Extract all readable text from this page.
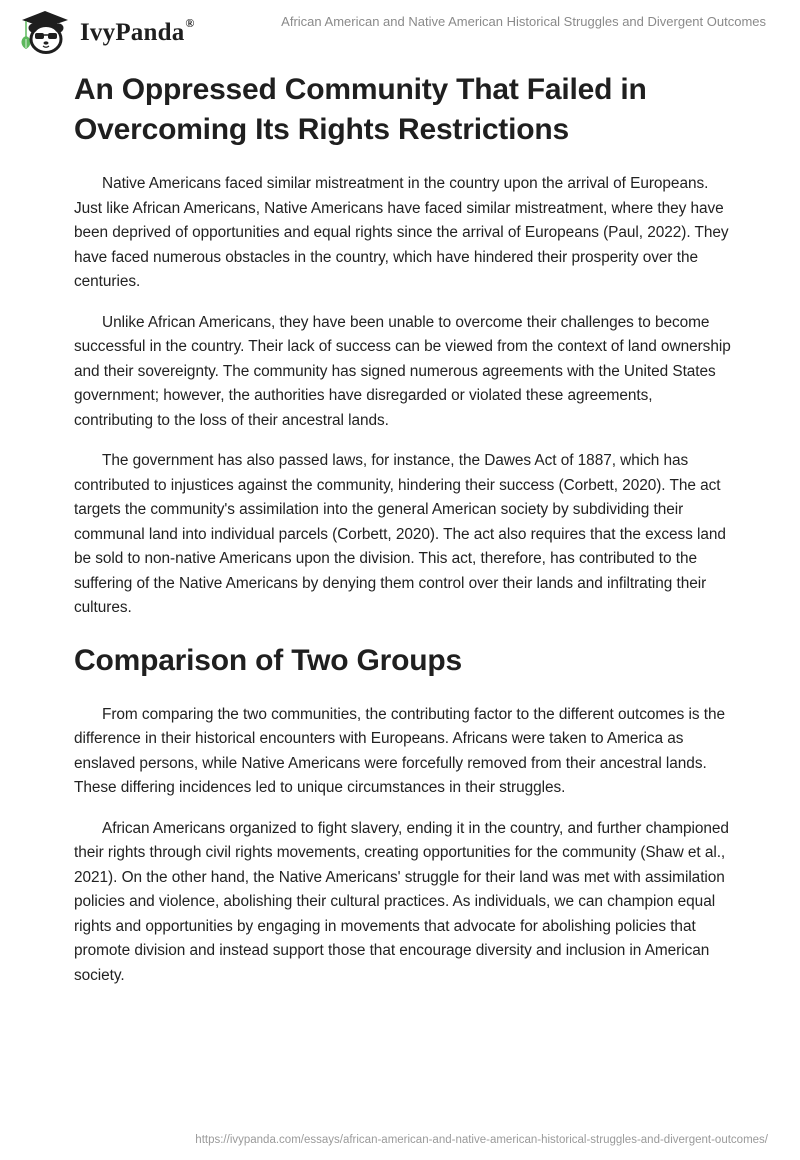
IvyPanda®	African American and Native American Historical Struggles and Divergent Outcomes
An Oppressed Community That Failed in Overcoming Its Rights Restrictions

Native Americans faced similar mistreatment in the country upon the arrival of Europeans. Just like African Americans, Native Americans have faced similar mistreatment, where they have been deprived of opportunities and equal rights since the arrival of Europeans (Paul, 2022). They have faced numerous obstacles in the country, which have hindered their prosperity over the centuries.

Unlike African Americans, they have been unable to overcome their challenges to become successful in the country. Their lack of success can be viewed from the context of land ownership and their sovereignty. The community has signed numerous agreements with the United States government; however, the authorities have disregarded or violated these agreements, contributing to the loss of their ancestral lands.

The government has also passed laws, for instance, the Dawes Act of 1887, which has contributed to injustices against the community, hindering their success (Corbett, 2020). The act targets the community's assimilation into the general American society by subdividing their communal land into individual parcels (Corbett, 2020). The act also requires that the excess land be sold to non-native Americans upon the division. This act, therefore, has contributed to the suffering of the Native Americans by denying them control over their lands and infiltrating their cultures.

Comparison of Two Groups

From comparing the two communities, the contributing factor to the different outcomes is the difference in their historical encounters with Europeans. Africans were taken to America as enslaved persons, while Native Americans were forcefully removed from their ancestral lands. These differing incidences led to unique circumstances in their struggles.

African Americans organized to fight slavery, ending it in the country, and further championed their rights through civil rights movements, creating opportunities for the community (Shaw et al., 2021). On the other hand, the Native Americans' struggle for their land was met with assimilation policies and violence, abolishing their cultural practices. As individuals, we can champion equal rights and opportunities by engaging in movements that advocate for abolishing policies that promote division and instead support those that encourage diversity and inclusion in American society.

https://ivypanda.com/essays/african-american-and-native-american-historical-struggles-and-divergent-outcomes/
